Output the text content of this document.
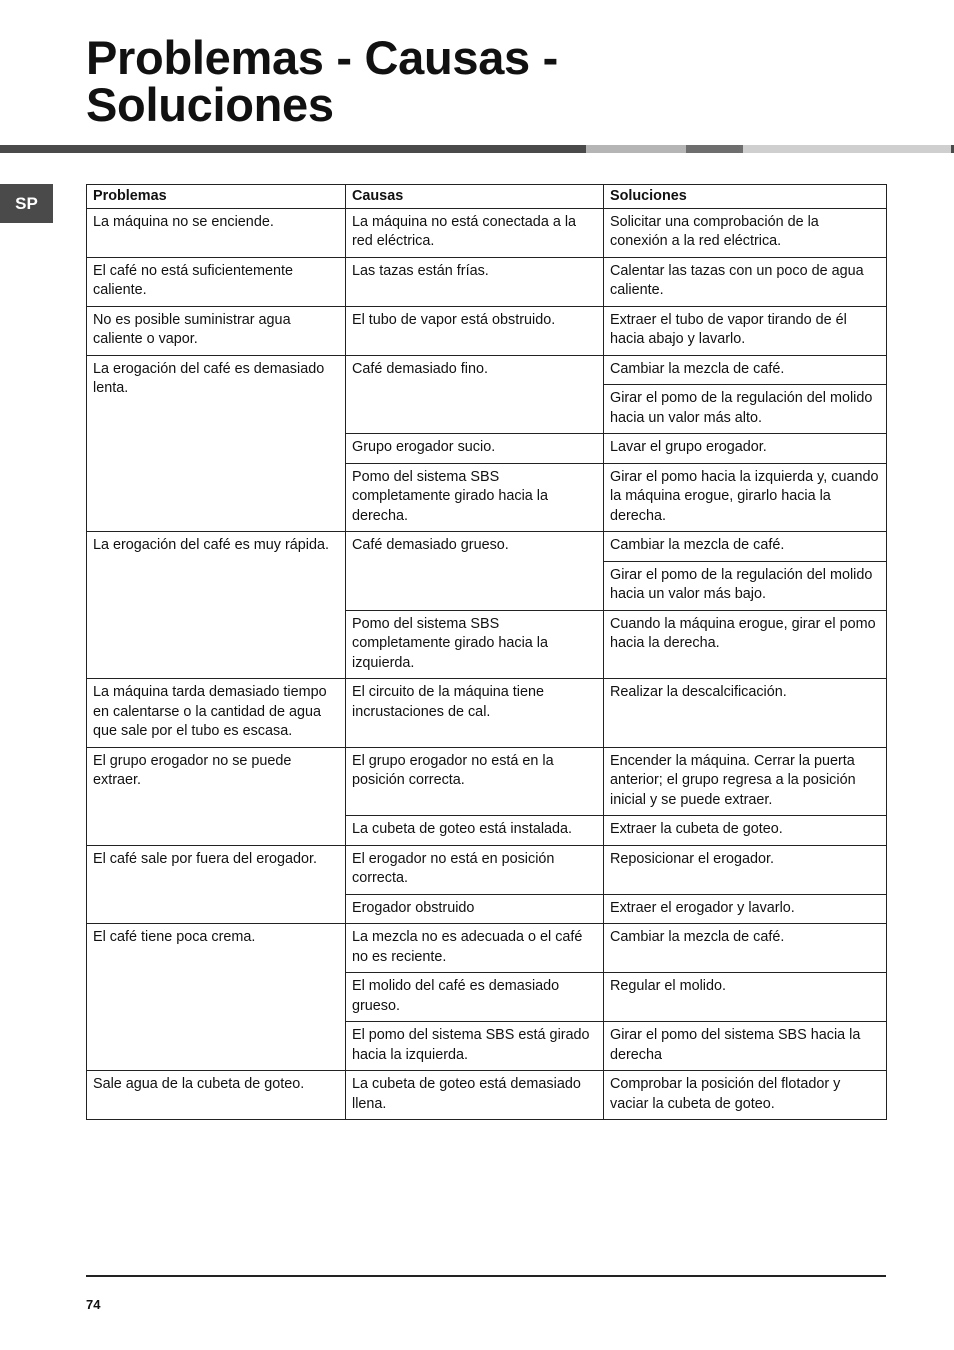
Problemas - Causas -
Soluciones
SP	Problemas	Causas	Soluciones
La máquina no se enciende.	La máquina no está conectada a la red eléctrica.	Solicitar una comprobación de la conexión a la red eléctrica.
El café no está suficientemente caliente.	Las tazas están frías.	Calentar las tazas con un poco de agua caliente.
No es posible suministrar agua caliente o vapor.	El tubo de vapor está obstruido.	Extraer el tubo de vapor tirando de él hacia abajo y lavarlo.
La erogación del café es demasiado lenta.	Café demasiado fino.	Cambiar la mezcla de café.
		Girar el pomo de la regulación del molido hacia un valor más alto.
	Grupo erogador sucio.	Lavar el grupo erogador.
	Pomo del sistema SBS completamente girado hacia la derecha.	Girar el pomo hacia la izquierda y, cuando la máquina erogue, girarlo hacia la derecha.
La erogación del café es muy rápida.	Café demasiado grueso.	Cambiar la mezcla de café.
		Girar el pomo de la regulación del molido hacia un valor más bajo.
	Pomo del sistema SBS completamente girado hacia la izquierda.	Cuando la máquina erogue, girar el pomo hacia la derecha.
La máquina tarda demasiado tiempo en calentarse o la cantidad de agua que sale por el tubo es escasa.	El circuito de la máquina tiene incrustaciones de cal.	Realizar la descalcificación.
El grupo erogador no se puede extraer.	El grupo erogador no está en la posición correcta.	Encender la máquina. Cerrar la puerta anterior; el grupo regresa a la posición inicial y se puede extraer.
	La cubeta de goteo está instalada.	Extraer la cubeta de goteo.
El café sale por fuera del erogador.	El erogador no está en posición correcta.	Reposicionar el erogador.
	Erogador obstruido	Extraer el erogador y lavarlo.
El café tiene poca crema.	La mezcla no es adecuada o el café no es reciente.	Cambiar la mezcla de café.
	El molido del café es demasiado grueso.	Regular el molido.
	El pomo del sistema SBS está girado hacia la izquierda.	Girar el pomo del sistema SBS hacia la derecha
Sale agua de la cubeta de goteo.	La cubeta de goteo está demasiado llena.	Comprobar la posición del flotador y vaciar la cubeta de goteo.
74
